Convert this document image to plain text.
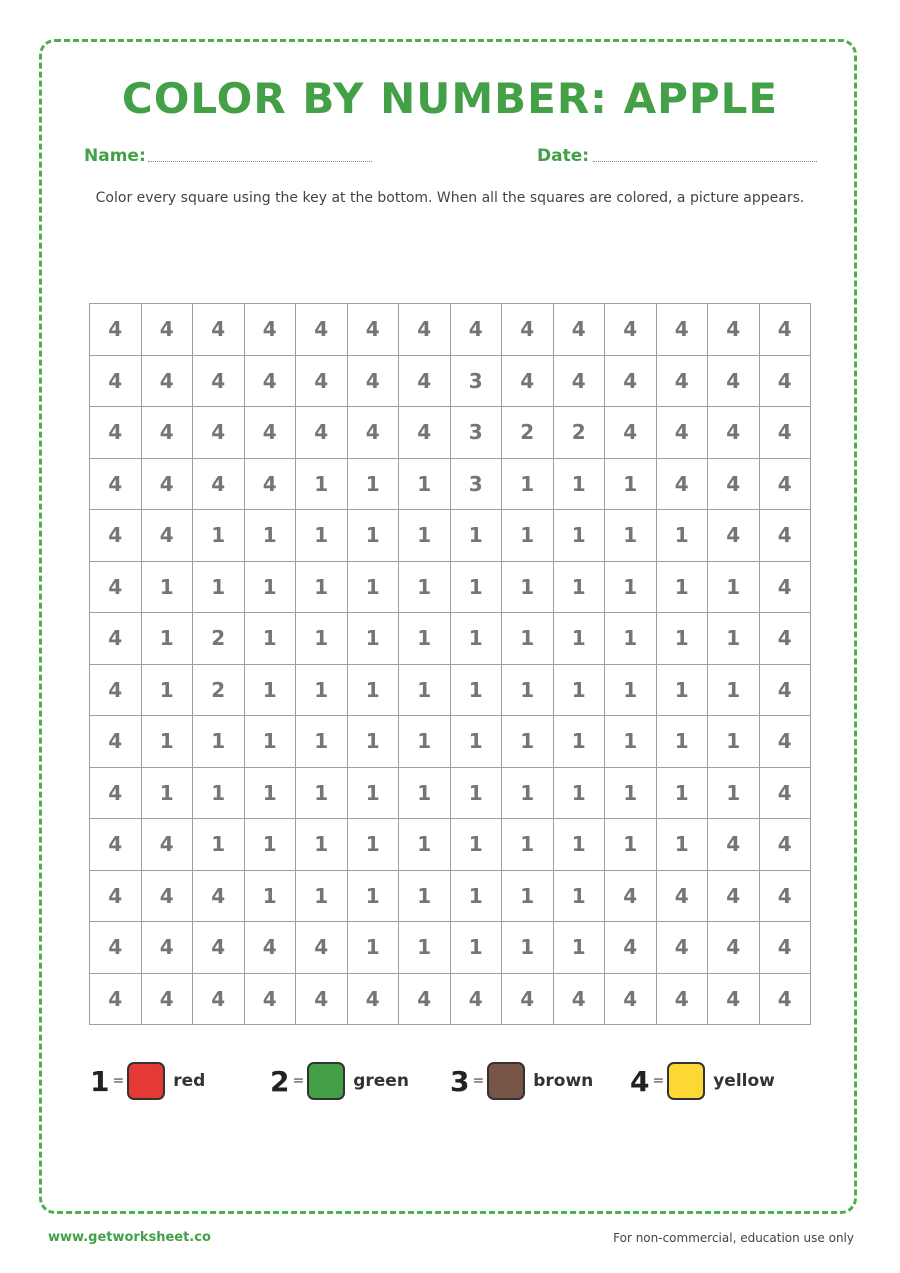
COLOR BY NUMBER: APPLE
Name:	Date:

Color every square using the key at the bottom. When all the squares are colored, a picture appears.

4	4	4	4	4	4	4	4	4	4	4	4	4	4
4	4	4	4	4	4	4	3	4	4	4	4	4	4
4	4	4	4	4	4	4	3	2	2	4	4	4	4
4	4	4	4	1	1	1	3	1	1	1	4	4	4
4	4	1	1	1	1	1	1	1	1	1	1	4	4
4	1	1	1	1	1	1	1	1	1	1	1	1	4
4	1	2	1	1	1	1	1	1	1	1	1	1	4
4	1	2	1	1	1	1	1	1	1	1	1	1	4
4	1	1	1	1	1	1	1	1	1	1	1	1	4
4	1	1	1	1	1	1	1	1	1	1	1	1	4
4	4	1	1	1	1	1	1	1	1	1	1	4	4
4	4	4	1	1	1	1	1	1	1	4	4	4	4
4	4	4	4	4	1	1	1	1	1	4	4	4	4
4	4	4	4	4	4	4	4	4	4	4	4	4	4
1 =	red 2 =	green 3 =	brown 4 =	yellow
www.getworksheet.co	For non-commercial, education use only
